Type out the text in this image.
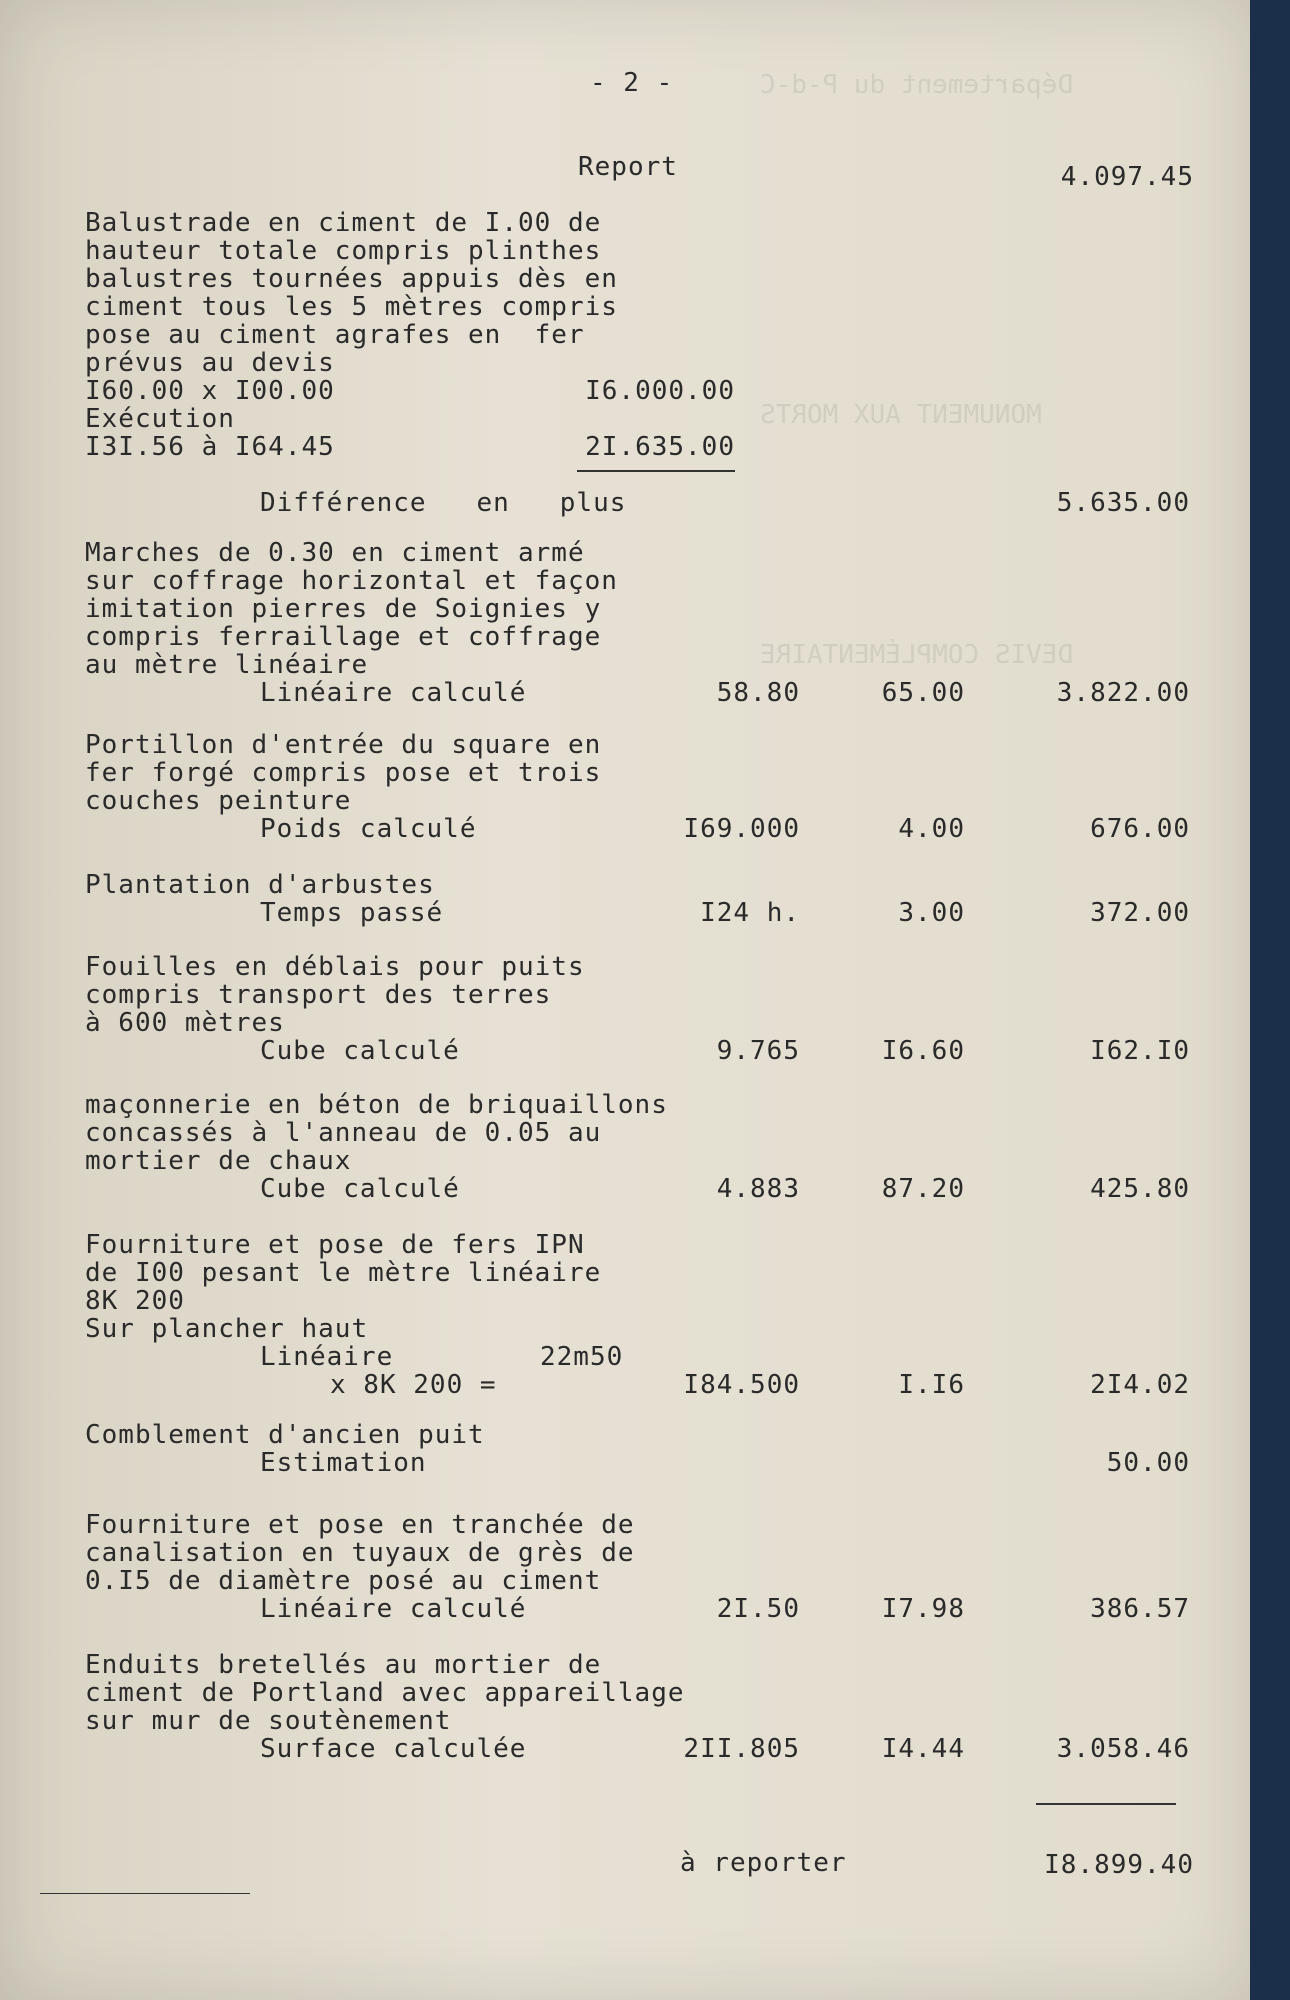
Département du P-d-C
MONUMENT AUX MORTS
DEVIS COMPLÉMENTAIRE
- 2 -
Report	4.097.45
Balustrade en ciment de I.00 de
hauteur totale compris plinthes
balustres tournées appuis dès en
ciment tous les 5 mètres compris
pose au ciment agrafes en  fer
prévus au devis
I60.00 x I00.00	I6.000.00
Exécution
I3I.56 à I64.45	2I.635.00
Différence   en   plus	5.635.00
Marches de 0.30 en ciment armé
sur coffrage horizontal et façon
imitation pierres de Soignies y
compris ferraillage et coffrage
au mètre linéaire
Linéaire calculé	58.80	65.00	3.822.00
Portillon d'entrée du square en
fer forgé compris pose et trois
couches peinture
Poids calculé	I69.000	4.00	676.00
Plantation d'arbustes
Temps passé	I24 h.	3.00	372.00
Fouilles en déblais pour puits
compris transport des terres
à 600 mètres
Cube calculé	9.765	I6.60	I62.I0
maçonnerie en béton de briquaillons
concassés à l'anneau de 0.05 au
mortier de chaux
Cube calculé	4.883	87.20	425.80
Fourniture et pose de fers IPN
de I00 pesant le mètre linéaire
8K 200
Sur plancher haut
Linéaire	22m50
x 8K 200 =	I84.500	I.I6	2I4.02
Comblement d'ancien puit
Estimation	50.00
Fourniture et pose en tranchée de
canalisation en tuyaux de grès de
0.I5 de diamètre posé au ciment
Linéaire calculé	2I.50	I7.98	386.57
Enduits bretellés au mortier de
ciment de Portland avec appareillage
sur mur de soutènement
Surface calculée	2II.805	I4.44	3.058.46
à reporter	I8.899.40
